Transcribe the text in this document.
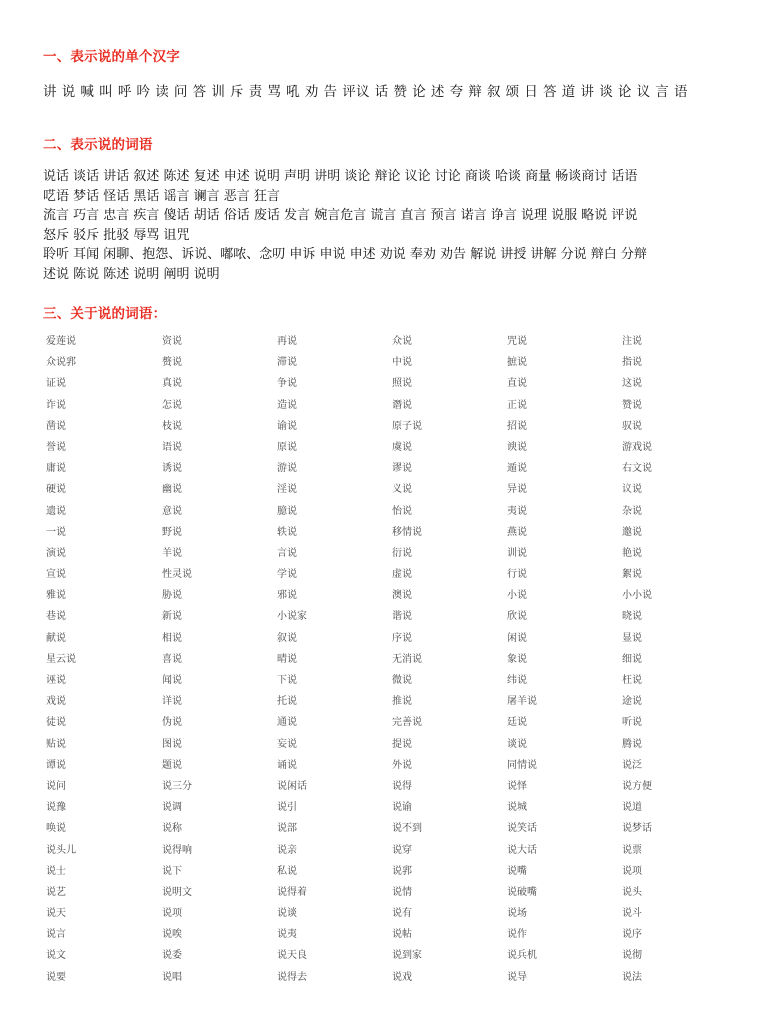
一、表示说的单个汉字
讲 说 喊 叫 呼 吟 读 问 答 训 斥 责 骂 吼 劝 告 评议 话 赞 论 述 夸 辩 叙 颂 日 答 道 讲 谈 论 议 言 语
二、表示说的词语
说话 谈话 讲话 叙述 陈述 复述 申述 说明 声明 讲明 谈论 辩论 议论 讨论 商谈 哈谈 商量 畅谈商讨 话语
呓语 梦话 怪话 黑话 谣言 谰言 恶言 狂言
流言 巧言 忠言 疾言 傻话 胡话 俗话 废话 发言 婉言危言 谎言 直言 预言 诺言 诤言 说理 说服 略说 评说
怒斥 驳斥 批驳 辱骂 诅咒
聆听 耳闻 闲聊、抱怨、诉说、嘟哝、念叨 申诉 申说 申述 劝说 奉劝 劝告 解说 讲授 讲解 分说 辩白 分辩
述说 陈说 陈述 说明 阐明 说明
三、关于说的词语：
爱莲说	资说	再说	众说	咒说	注说
众说郛	赘说	滞说	中说	摭说	指说
证说	真说	争说	照说	直说	这说
诈说	怎说	造说	谮说	正说	赞说
凿说	枝说	谕说	原子说	招说	驭说
誉说	语说	原说	虞说	谀说	游戏说
庸说	诱说	游说	谬说	遁说	右文说
硬说	幽说	淫说	义说	异说	议说
遗说	意说	臆说	怡说	夷说	杂说
一说	野说	轶说	移情说	燕说	邀说
演说	羊说	言说	衍说	训说	艳说
宣说	性灵说	学说	虚说	行说	絮说
雅说	胁说	邪说	澳说	小说	小小说
巷说	新说	小说家	谐说	欣说	晓说
献说	相说	叙说	序说	闲说	显说
星云说	喜说	晴说	无消说	象说	细说
诬说	闻说	下说	微说	纬说	枉说
戏说	详说	托说	推说	屠羊说	途说
徒说	伪说	通说	完善说	廷说	听说
贴说	图说	妄说	提说	谈说	腾说
谭说	题说	诵说	外说	同情说	说泛
说问	说三分	说闲话	说得	说怿	说方便
说豫	说调	说引	说谕	说城	说道
唤说	说称	说部	说不到	说笑话	说梦话
说头儿	说得响	说亲	说穿	说大话	说票
说士	说下	私说	说郛	说嘴	说项
说艺	说明文	说得着	说情	说破嘴	说头
说天	说项	说谈	说有	说场	说斗
说言	说唉	说夷	说帖	说作	说序
说文	说委	说天良	说到家	说兵机	说彻
说要	说唱	说得去	说戏	说导	说法
